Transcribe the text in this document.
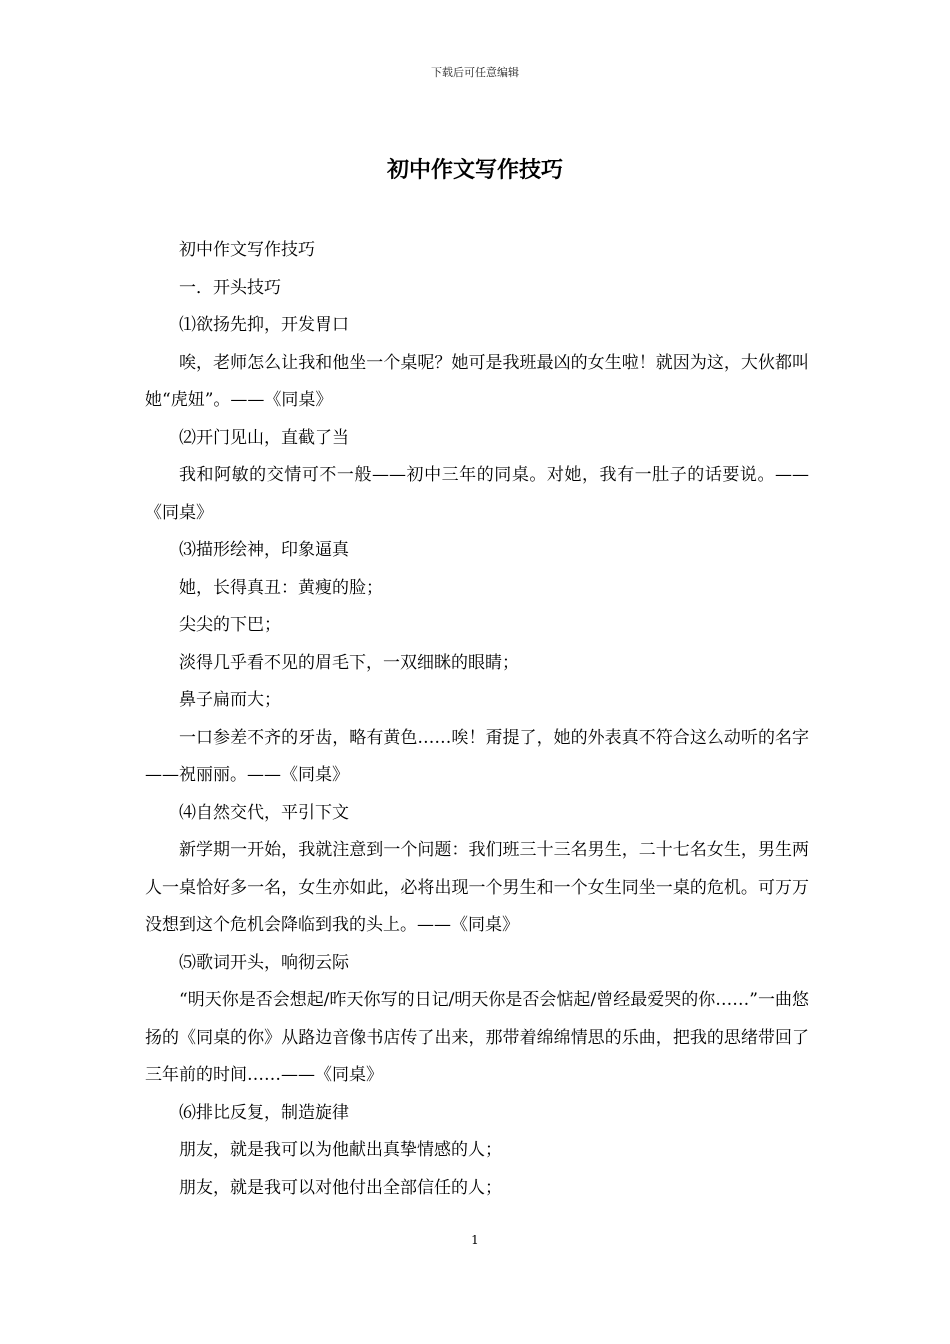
下载后可任意编辑
初中作文写作技巧

初中作文写作技巧

一．开头技巧

⑴欲扬先抑，开发胃口

唉，老师怎么让我和他坐一个桌呢？她可是我班最凶的女生啦！就因为这，大伙都叫她“虎妞”。——《同桌》

⑵开门见山，直截了当

我和阿敏的交情可不一般——初中三年的同桌。对她，我有一肚子的话要说。——《同桌》

⑶描形绘神，印象逼真

她，长得真丑：黄瘦的脸；

尖尖的下巴；

淡得几乎看不见的眉毛下，一双细眯的眼睛；

鼻子扁而大；

一口参差不齐的牙齿，略有黄色……唉！甭提了，她的外表真不符合这么动听的名字——祝丽丽。——《同桌》

⑷自然交代，平引下文

新学期一开始，我就注意到一个问题：我们班三十三名男生，二十七名女生，男生两人一桌恰好多一名，女生亦如此，必将出现一个男生和一个女生同坐一桌的危机。可万万没想到这个危机会降临到我的头上。——《同桌》

⑸歌词开头，响彻云际

“明天你是否会想起/昨天你写的日记/明天你是否会惦起/曾经最爱哭的你……”一曲悠扬的《同桌的你》从路边音像书店传了出来，那带着绵绵情思的乐曲，把我的思绪带回了三年前的时间……——《同桌》

⑹排比反复，制造旋律

朋友，就是我可以为他献出真挚情感的人；

朋友，就是我可以对他付出全部信任的人；

1
